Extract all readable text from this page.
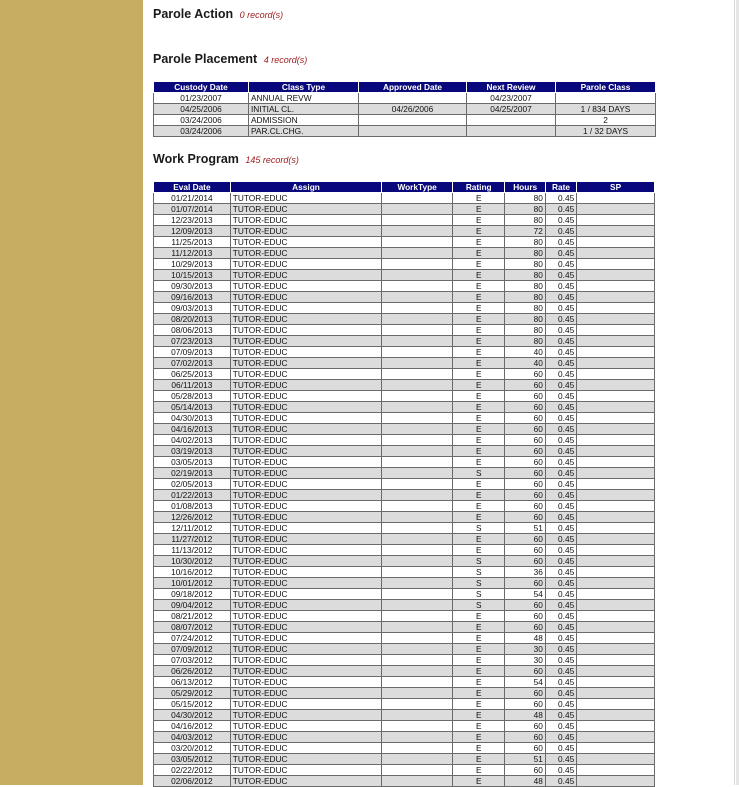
Parole Action 0 record(s)
Parole Placement 4 record(s)
Custody Date	Class Type	Approved Date	Next Review	Parole Class
01/23/2007	ANNUAL REVW		04/23/2007	
04/25/2006	INITIAL CL.	04/26/2006	04/25/2007	1 / 834 DAYS
03/24/2006	ADMISSION			2
03/24/2006	PAR.CL.CHG.			1 / 32 DAYS
Work Program 145 record(s)
Eval Date	Assign	WorkType	Rating	Hours	Rate	SP
01/21/2014	TUTOR-EDUC		E	80	0.45	
01/07/2014	TUTOR-EDUC		E	80	0.45	
12/23/2013	TUTOR-EDUC		E	80	0.45	
12/09/2013	TUTOR-EDUC		E	72	0.45	
11/25/2013	TUTOR-EDUC		E	80	0.45	
11/12/2013	TUTOR-EDUC		E	80	0.45	
10/29/2013	TUTOR-EDUC		E	80	0.45	
10/15/2013	TUTOR-EDUC		E	80	0.45	
09/30/2013	TUTOR-EDUC		E	80	0.45	
09/16/2013	TUTOR-EDUC		E	80	0.45	
09/03/2013	TUTOR-EDUC		E	80	0.45	
08/20/2013	TUTOR-EDUC		E	80	0.45	
08/06/2013	TUTOR-EDUC		E	80	0.45	
07/23/2013	TUTOR-EDUC		E	80	0.45	
07/09/2013	TUTOR-EDUC		E	40	0.45	
07/02/2013	TUTOR-EDUC		E	40	0.45	
06/25/2013	TUTOR-EDUC		E	60	0.45	
06/11/2013	TUTOR-EDUC		E	60	0.45	
05/28/2013	TUTOR-EDUC		E	60	0.45	
05/14/2013	TUTOR-EDUC		E	60	0.45	
04/30/2013	TUTOR-EDUC		E	60	0.45	
04/16/2013	TUTOR-EDUC		E	60	0.45	
04/02/2013	TUTOR-EDUC		E	60	0.45	
03/19/2013	TUTOR-EDUC		E	60	0.45	
03/05/2013	TUTOR-EDUC		E	60	0.45	
02/19/2013	TUTOR-EDUC		S	60	0.45	
02/05/2013	TUTOR-EDUC		E	60	0.45	
01/22/2013	TUTOR-EDUC		E	60	0.45	
01/08/2013	TUTOR-EDUC		E	60	0.45	
12/26/2012	TUTOR-EDUC		E	60	0.45	
12/11/2012	TUTOR-EDUC		S	51	0.45	
11/27/2012	TUTOR-EDUC		E	60	0.45	
11/13/2012	TUTOR-EDUC		E	60	0.45	
10/30/2012	TUTOR-EDUC		S	60	0.45	
10/16/2012	TUTOR-EDUC		S	36	0.45	
10/01/2012	TUTOR-EDUC		S	60	0.45	
09/18/2012	TUTOR-EDUC		S	54	0.45	
09/04/2012	TUTOR-EDUC		S	60	0.45	
08/21/2012	TUTOR-EDUC		E	60	0.45	
08/07/2012	TUTOR-EDUC		E	60	0.45	
07/24/2012	TUTOR-EDUC		E	48	0.45	
07/09/2012	TUTOR-EDUC		E	30	0.45	
07/03/2012	TUTOR-EDUC		E	30	0.45	
06/26/2012	TUTOR-EDUC		E	60	0.45	
06/13/2012	TUTOR-EDUC		E	54	0.45	
05/29/2012	TUTOR-EDUC		E	60	0.45	
05/15/2012	TUTOR-EDUC		E	60	0.45	
04/30/2012	TUTOR-EDUC		E	48	0.45	
04/16/2012	TUTOR-EDUC		E	60	0.45	
04/03/2012	TUTOR-EDUC		E	60	0.45	
03/20/2012	TUTOR-EDUC		E	60	0.45	
03/05/2012	TUTOR-EDUC		E	51	0.45	
02/22/2012	TUTOR-EDUC		E	60	0.45	
02/06/2012	TUTOR-EDUC		E	48	0.45	
